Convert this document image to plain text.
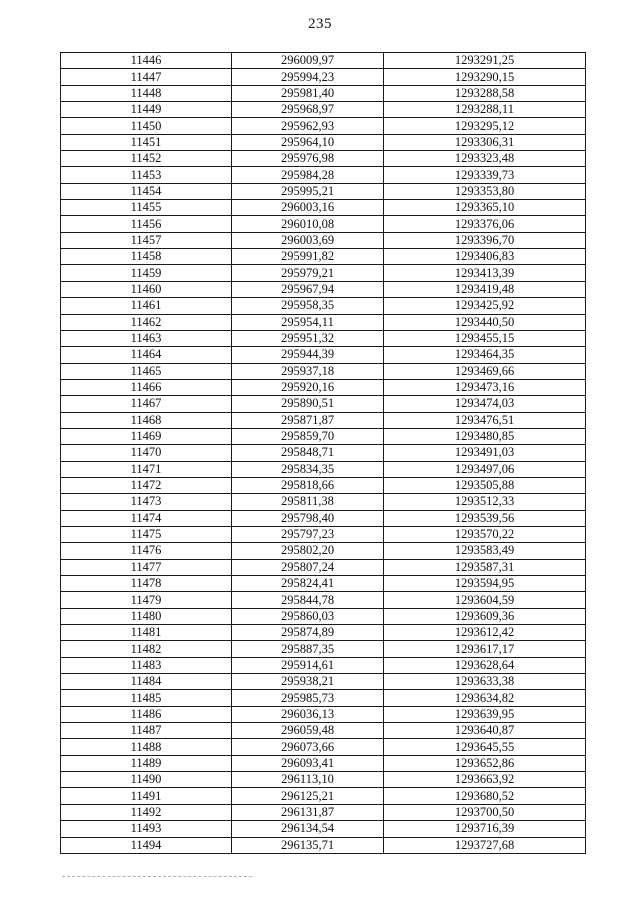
235
11446	296009,97	1293291,25
11447	295994,23	1293290,15
11448	295981,40	1293288,58
11449	295968,97	1293288,11
11450	295962,93	1293295,12
11451	295964,10	1293306,31
11452	295976,98	1293323,48
11453	295984,28	1293339,73
11454	295995,21	1293353,80
11455	296003,16	1293365,10
11456	296010,08	1293376,06
11457	296003,69	1293396,70
11458	295991,82	1293406,83
11459	295979,21	1293413,39
11460	295967,94	1293419,48
11461	295958,35	1293425,92
11462	295954,11	1293440,50
11463	295951,32	1293455,15
11464	295944,39	1293464,35
11465	295937,18	1293469,66
11466	295920,16	1293473,16
11467	295890,51	1293474,03
11468	295871,87	1293476,51
11469	295859,70	1293480,85
11470	295848,71	1293491,03
11471	295834,35	1293497,06
11472	295818,66	1293505,88
11473	295811,38	1293512,33
11474	295798,40	1293539,56
11475	295797,23	1293570,22
11476	295802,20	1293583,49
11477	295807,24	1293587,31
11478	295824,41	1293594,95
11479	295844,78	1293604,59
11480	295860,03	1293609,36
11481	295874,89	1293612,42
11482	295887,35	1293617,17
11483	295914,61	1293628,64
11484	295938,21	1293633,38
11485	295985,73	1293634,82
11486	296036,13	1293639,95
11487	296059,48	1293640,87
11488	296073,66	1293645,55
11489	296093,41	1293652,86
11490	296113,10	1293663,92
11491	296125,21	1293680,52
11492	296131,87	1293700,50
11493	296134,54	1293716,39
11494	296135,71	1293727,68
